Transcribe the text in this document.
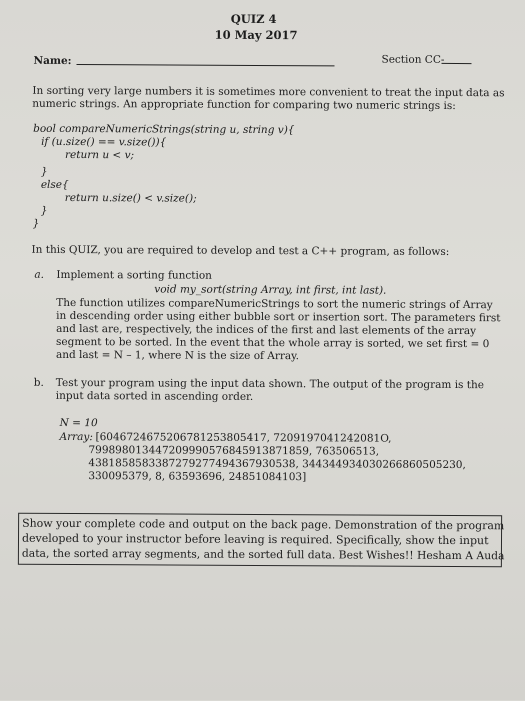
QUIZ 4
10 May 2017
Name:	Section CC-
In sorting very large numbers it is sometimes more convenient to treat the input data as
numeric strings. An appropriate function for comparing two numeric strings is:
bool compareNumericStrings(string u, string v){
if (u.size() == v.size()){
return u < v;
}
else{
return u.size() < v.size();
}
}
In this QUIZ, you are required to develop and test a C++ program, as follows:
a. Implement a sorting function
void my_sort(string Array, int first, int last).
The function utilizes compareNumericStrings to sort the numeric strings of Array
in descending order using either bubble sort or insertion sort. The parameters first
and last are, respectively, the indices of the first and last elements of the array
segment to be sorted. In the event that the whole array is sorted, we set first = 0
and last = N – 1, where N is the size of Array.
b. Test your program using the input data shown. The output of the program is the
input data sorted in ascending order.
N = 10
Array: [6046724675206781253805417, 7209197041242081O,
79989801344720999057684591387185​9, 763506513,
438185858338727927749436793053​8, 3443449340302668605052​30,
330095379, 8, 63593696, 24851084103]
Show your complete code and output on the back page. Demonstration of the program
developed to your instructor before leaving is required. Specifically, show the input
data, the sorted array segments, and the sorted full data. Best Wishes!! Hesham A Auda
